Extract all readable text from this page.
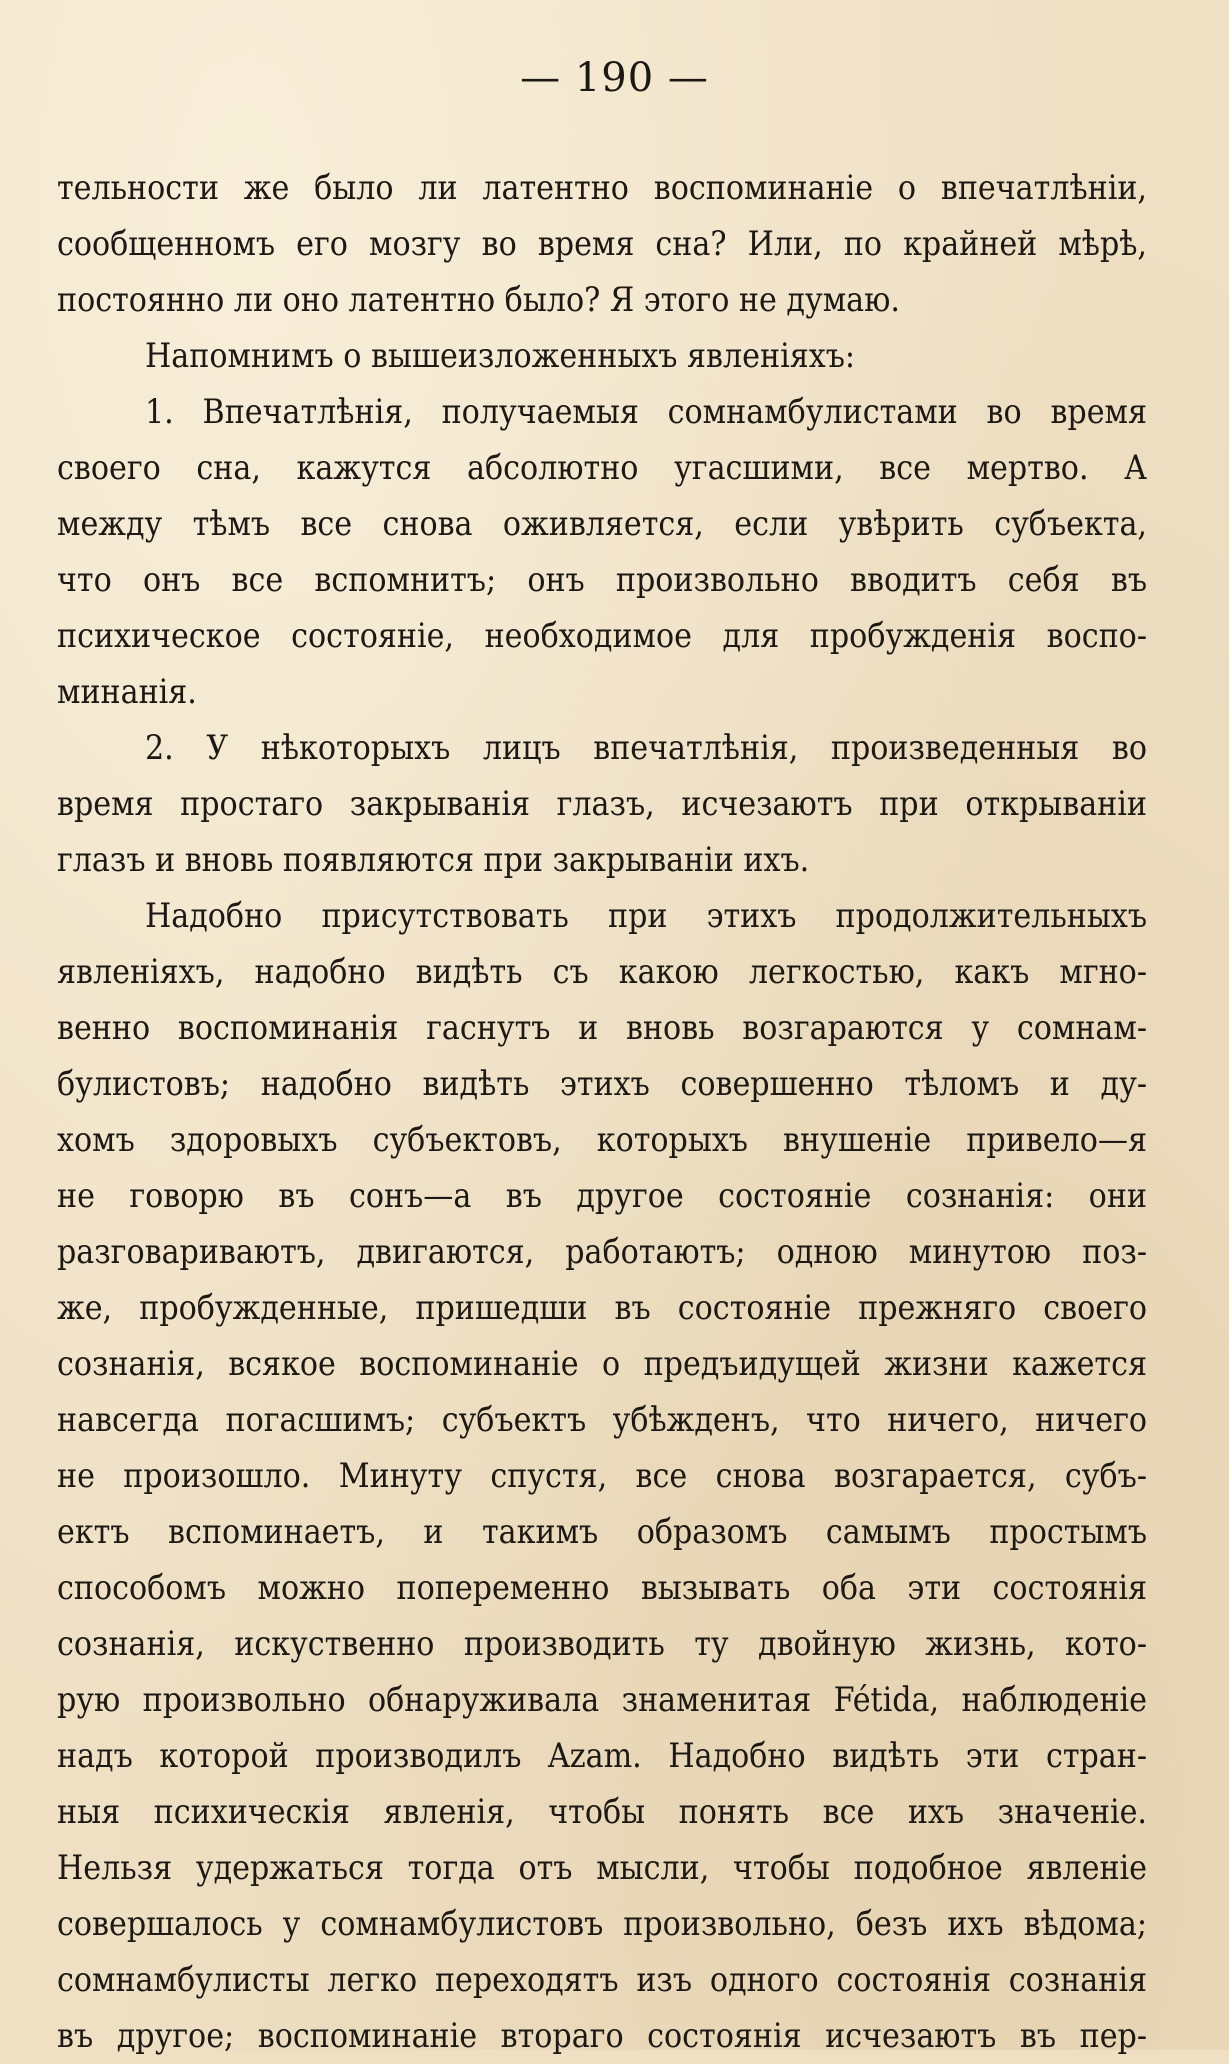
— 190 —
тельности же было ли латентно воспоминаніе о впечатлѣніи,
сообщенномъ его мозгу во время сна? Или, по крайней мѣрѣ,
постоянно ли оно латентно было? Я этого не думаю.
Напомнимъ о вышеизложенныхъ явленіяхъ:
1. Впечатлѣнія, получаемыя сомнамбулистами во время
своего сна, кажутся абсолютно угасшими, все мертво. А
между тѣмъ все снова оживляется, если увѣрить субъекта,
что онъ все вспомнитъ; онъ произвольно вводитъ себя въ
психическое состояніе, необходимое для пробужденія воспо-
минанія.
2. У нѣкоторыхъ лицъ впечатлѣнія, произведенныя во
время простаго закрыванія глазъ, исчезаютъ при открываніи
глазъ и вновь появляются при закрываніи ихъ.
Надобно присутствовать при этихъ продолжительныхъ
явленіяхъ, надобно видѣть съ какою легкостью, какъ мгно-
венно воспоминанія гаснутъ и вновь возгараются у сомнам-
булистовъ; надобно видѣть этихъ совершенно тѣломъ и ду-
хомъ здоровыхъ субъектовъ, которыхъ внушеніе привело—я
не говорю въ сонъ—а въ другое состояніе сознанія: они
разговариваютъ, двигаются, работаютъ; одною минутою поз-
же, пробужденные, пришедши въ состояніе прежняго своего
сознанія, всякое воспоминаніе о предъидущей жизни кажется
навсегда погасшимъ; субъектъ убѣжденъ, что ничего, ничего
не произошло. Минуту спустя, все снова возгарается, субъ-
ектъ вспоминаетъ, и такимъ образомъ самымъ простымъ
способомъ можно попеременно вызывать оба эти состоянія
сознанія, искуственно производить ту двойную жизнь, кото-
рую произвольно обнаруживала знаменитая Fétida, наблюденіе
надъ которой производилъ Azam. Надобно видѣть эти стран-
ныя психическія явленія, чтобы понять все ихъ значеніе.
Нельзя удержаться тогда отъ мысли, чтобы подобное явленіе
совершалось у сомнамбулистовъ произвольно, безъ ихъ вѣдома;
сомнамбулисты легко переходятъ изъ одного состоянія сознанія
въ другое; воспоминаніе втораго состоянія исчезаютъ въ пер-
